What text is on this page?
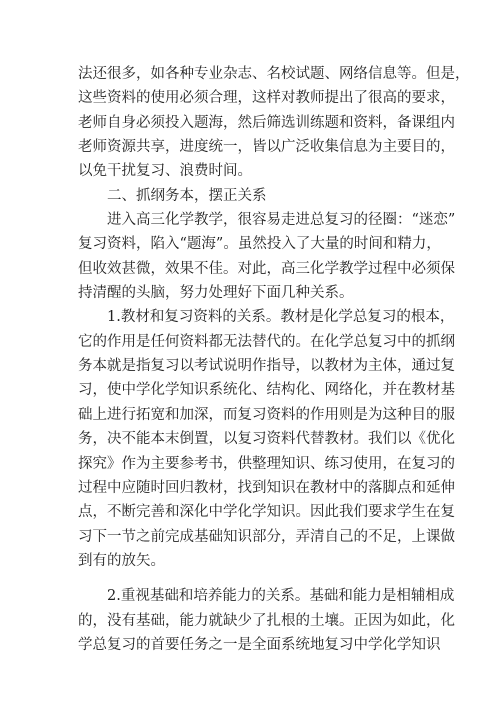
法还很多，如各种专业杂志、名校试题、网络信息等。但是，
这些资料的使用必须合理，这样对教师提出了很高的要求，
老师自身必须投入题海，然后筛选训练题和资料，备课组内
老师资源共享，进度统一，皆以广泛收集信息为主要目的，
以免干扰复习、浪费时间。
二、抓纲务本，摆正关系
进入高三化学教学，很容易走进总复习的径圈：“迷恋”
复习资料，陷入“题海”。虽然投入了大量的时间和精力，
但收效甚微，效果不佳。对此，高三化学教学过程中必须保
持清醒的头脑，努力处理好下面几种关系。
1.教材和复习资料的关系。教材是化学总复习的根本，
它的作用是任何资料都无法替代的。在化学总复习中的抓纲
务本就是指复习以考试说明作指导，以教材为主体，通过复
习，使中学化学知识系统化、结构化、网络化，并在教材基
础上进行拓宽和加深，而复习资料的作用则是为这种目的服
务，决不能本末倒置，以复习资料代替教材。我们以《优化
探究》作为主要参考书，供整理知识、练习使用，在复习的
过程中应随时回归教材，找到知识在教材中的落脚点和延伸
点，不断完善和深化中学化学知识。因此我们要求学生在复
习下一节之前完成基础知识部分，弄清自己的不足，上课做
到有的放矢。
2.重视基础和培养能力的关系。基础和能力是相辅相成
的，没有基础，能力就缺少了扎根的土壤。正因为如此，化
学总复习的首要任务之一是全面系统地复习中学化学知识
